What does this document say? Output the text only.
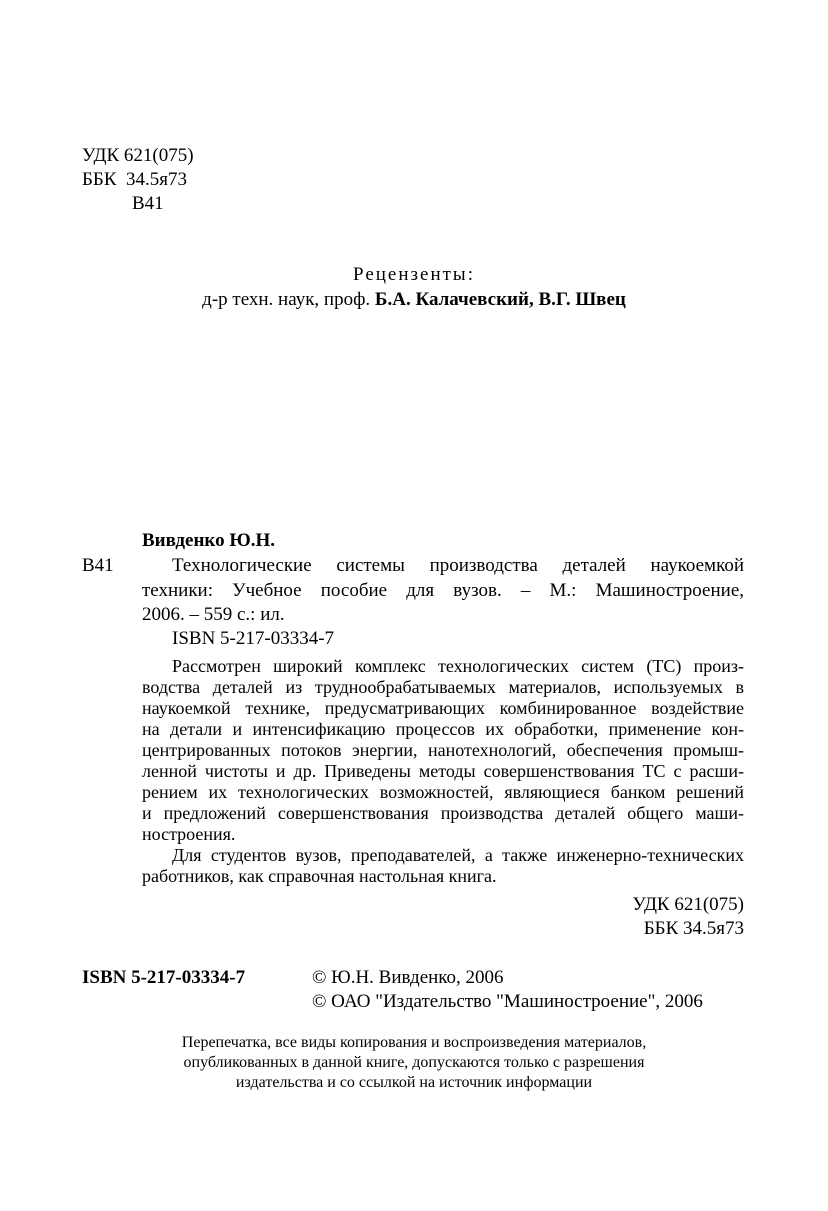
УДК 621(075)
ББК  34.5я73
В41
Рецензенты:
д-р техн. наук, проф. Б.А. Калачевский, В.Г. Швец
Вивденко Ю.Н.
В41	Технологические системы производства деталей наукоемкой
техники: Учебное пособие для вузов. – М.: Машиностроение,
2006. – 559 с.: ил.
ISBN 5-217-03334-7
Рассмотрен широкий комплекс технологических систем (ТС) произ-
водства деталей из труднообрабатываемых материалов, используемых в
наукоемкой технике, предусматривающих комбинированное воздействие
на детали и интенсификацию процессов их обработки, применение кон-
центрированных потоков энергии, нанотехнологий, обеспечения промыш-
ленной чистоты и др. Приведены методы совершенствования ТС с расши-
рением их технологических возможностей, являющиеся банком решений
и предложений совершенствования производства деталей общего маши-
ностроения.
Для студентов вузов, преподавателей, а также инженерно-технических
работников, как справочная настольная книга.
УДК 621(075)
ББК 34.5я73
ISBN 5-217-03334-7	© Ю.Н. Вивденко, 2006
© ОАО "Издательство "Машиностроение", 2006
Перепечатка, все виды копирования и воспроизведения материалов,
опубликованных в данной книге, допускаются только с разрешения
издательства и со ссылкой на источник информации
